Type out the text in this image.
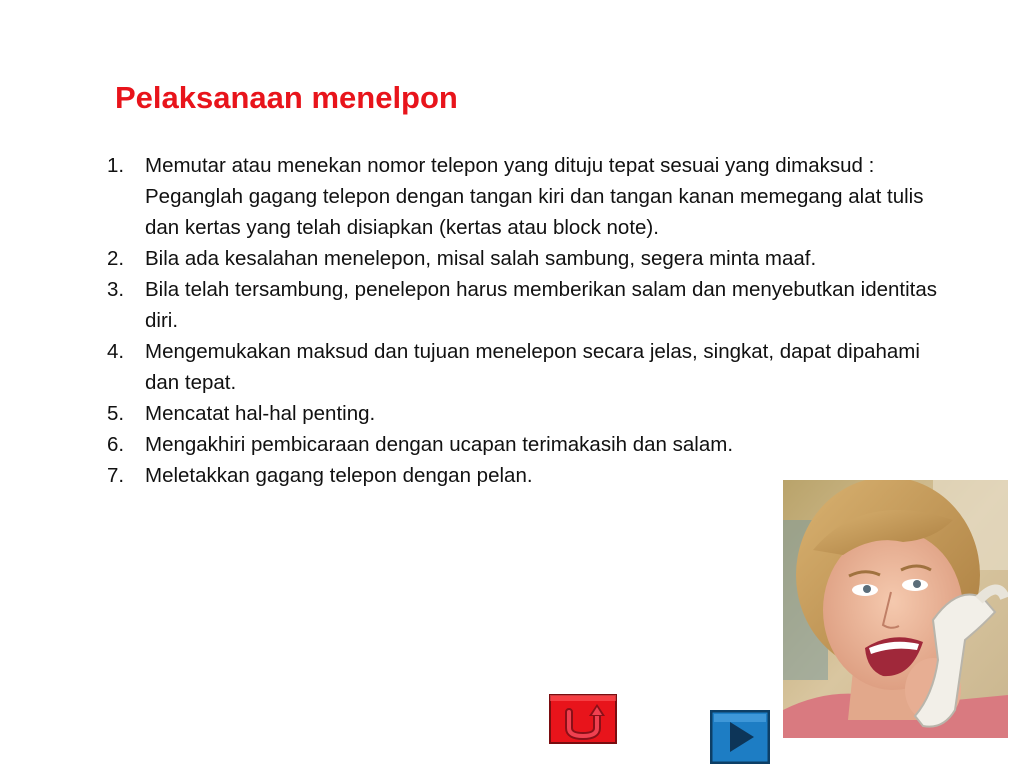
Pelaksanaan menelpon
1. Memutar atau menekan nomor telepon yang dituju tepat sesuai yang dimaksud : Peganglah gagang telepon dengan tangan kiri dan tangan kanan memegang alat tulis dan kertas yang telah disiapkan (kertas atau block note).
2. Bila ada kesalahan menelepon, misal salah sambung, segera minta maaf.
3. Bila telah tersambung, penelepon harus memberikan salam dan menyebutkan identitas diri.
4. Mengemukakan maksud dan tujuan menelepon secara jelas, singkat, dapat dipahami dan tepat.
5. Mencatat hal-hal penting.
6. Mengakhiri pembicaraan dengan ucapan terimakasih dan salam.
7. Meletakkan gagang telepon dengan pelan.
